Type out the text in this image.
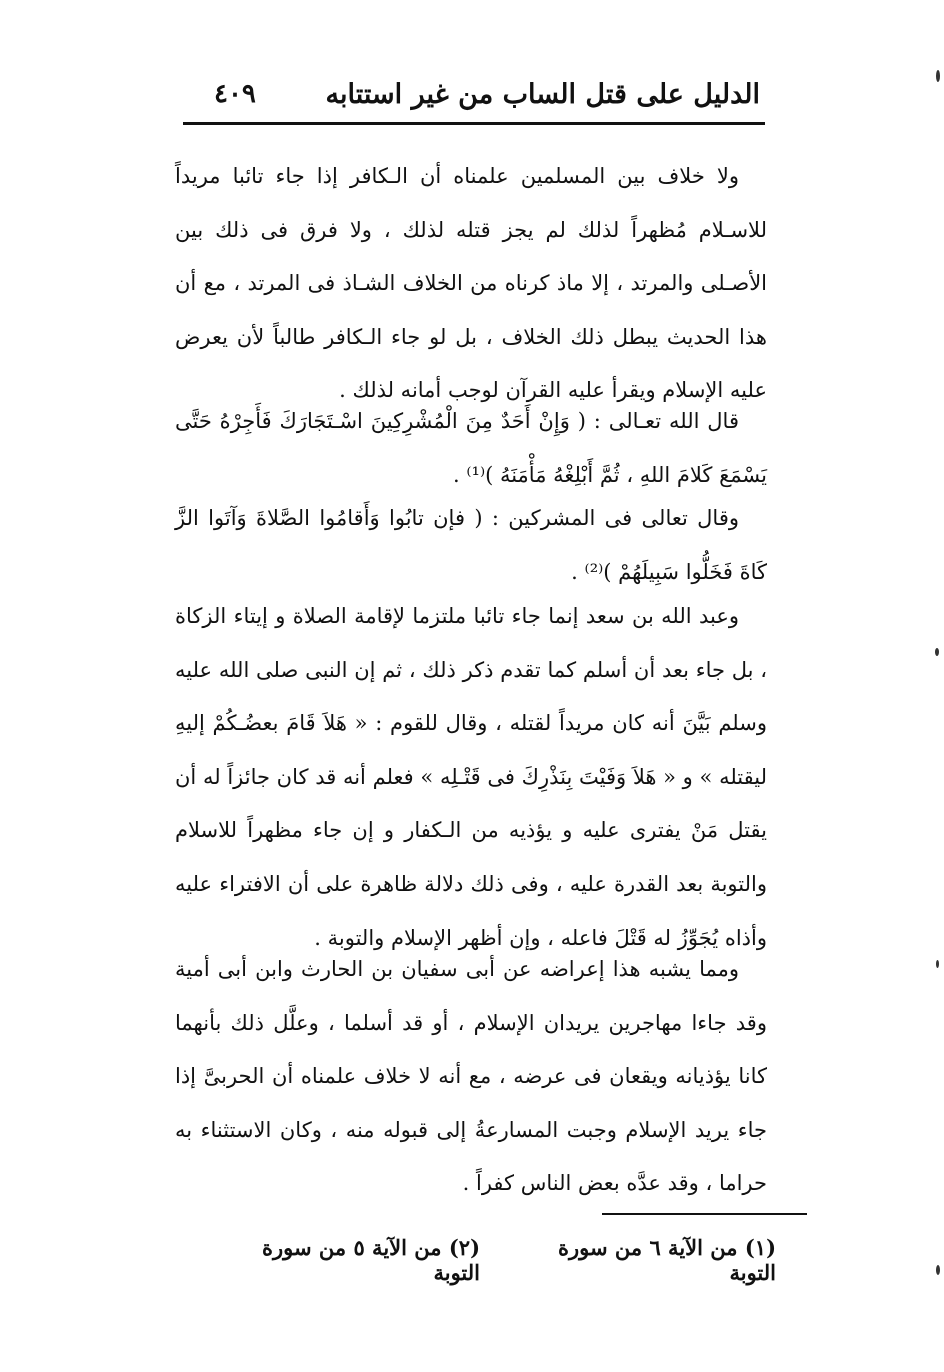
الدليل على قتل الساب من غير استتابه
٤٠٩

ولا خلاف بين المسلمين علمناه أن الـكافر إذا جاء تائبا مريداً للاسـلام مُظهراً لذلك لم يجز قتله لذلك ، ولا فرق فى ذلك بين الأصـلى والمرتد ، إلا ماذ كرناه من الخلاف الشـاذ فى المرتد ، مع أن هذا الحديث يبطل ذلك الخلاف ، بل لو جاء الـكافر طالباً لأن يعرض عليه الإسلام ويقرأ عليه القرآن لوجب أمانه لذلك .

قال الله تعـالى : ( وَإِنْ أَحَدٌ مِنَ الْمُشْرِكِينَ اسْـتَجَارَكَ فَأَجِرْهُ حَتَّى يَسْمَعَ كَلامَ اللهِ ، ثُمَّ أَبْلِغْهُ مَأْمَنَهُ )⁽¹⁾ .

وقال تعالى فى المشركين : ( فإن تابُوا وَأَقامُوا الصَّلاةَ وَآتَوا الزَّ كَاةَ فَخَلُّوا سَبِيلَهُمْ )⁽²⁾ .

وعبد الله بن سعد إنما جاء تائبا ملتزما لإقامة الصلاة و إيتاء الزكاة ، بل جاء بعد أن أسلم كما تقدم ذكر ذلك ، ثم إن النبى صلى الله عليه وسلم بَيَّنَ أنه كان مريداً لقتله ، وقال للقوم : « هَلاَ قَامَ بعضُـكُمْ إليهِ ليقتله » و « هَلاَ وَفَيْتَ بِنَذْرِكَ فى قَتْـلِه » فعلم أنه قد كان جائزاً له أن يقتل مَنْ يفترى عليه و يؤذيه من الـكفار و إن جاء مظهراً للاسلام والتوبة بعد القدرة عليه ، وفى ذلك دلالة ظاهرة على أن الافتراء عليه وأذاه يُجَوِّزُ له قَتْلَ فاعله ، وإن أظهر الإسلام والتوبة .

ومما يشبه هذا إعراضه عن أبى سفيان بن الحارث وابن أبى أمية وقد جاءا مهاجرين يريدان الإسلام ، أو قد أسلما ، وعلَّل ذلك بأنهما كانا يؤذيانه ويقعان فى عرضه ، مع أنه لا خلاف علمناه أن الحربىَّ إذا جاء يريد الإسلام وجبت المسارعةُ إلى قبوله منه ، وكان الاستثناء به حراما ، وقد عدَّه بعض الناس كفراً .

(١) من الآية ٦ من سورة التوبة
(٢) من الآية ٥ من سورة التوبة
